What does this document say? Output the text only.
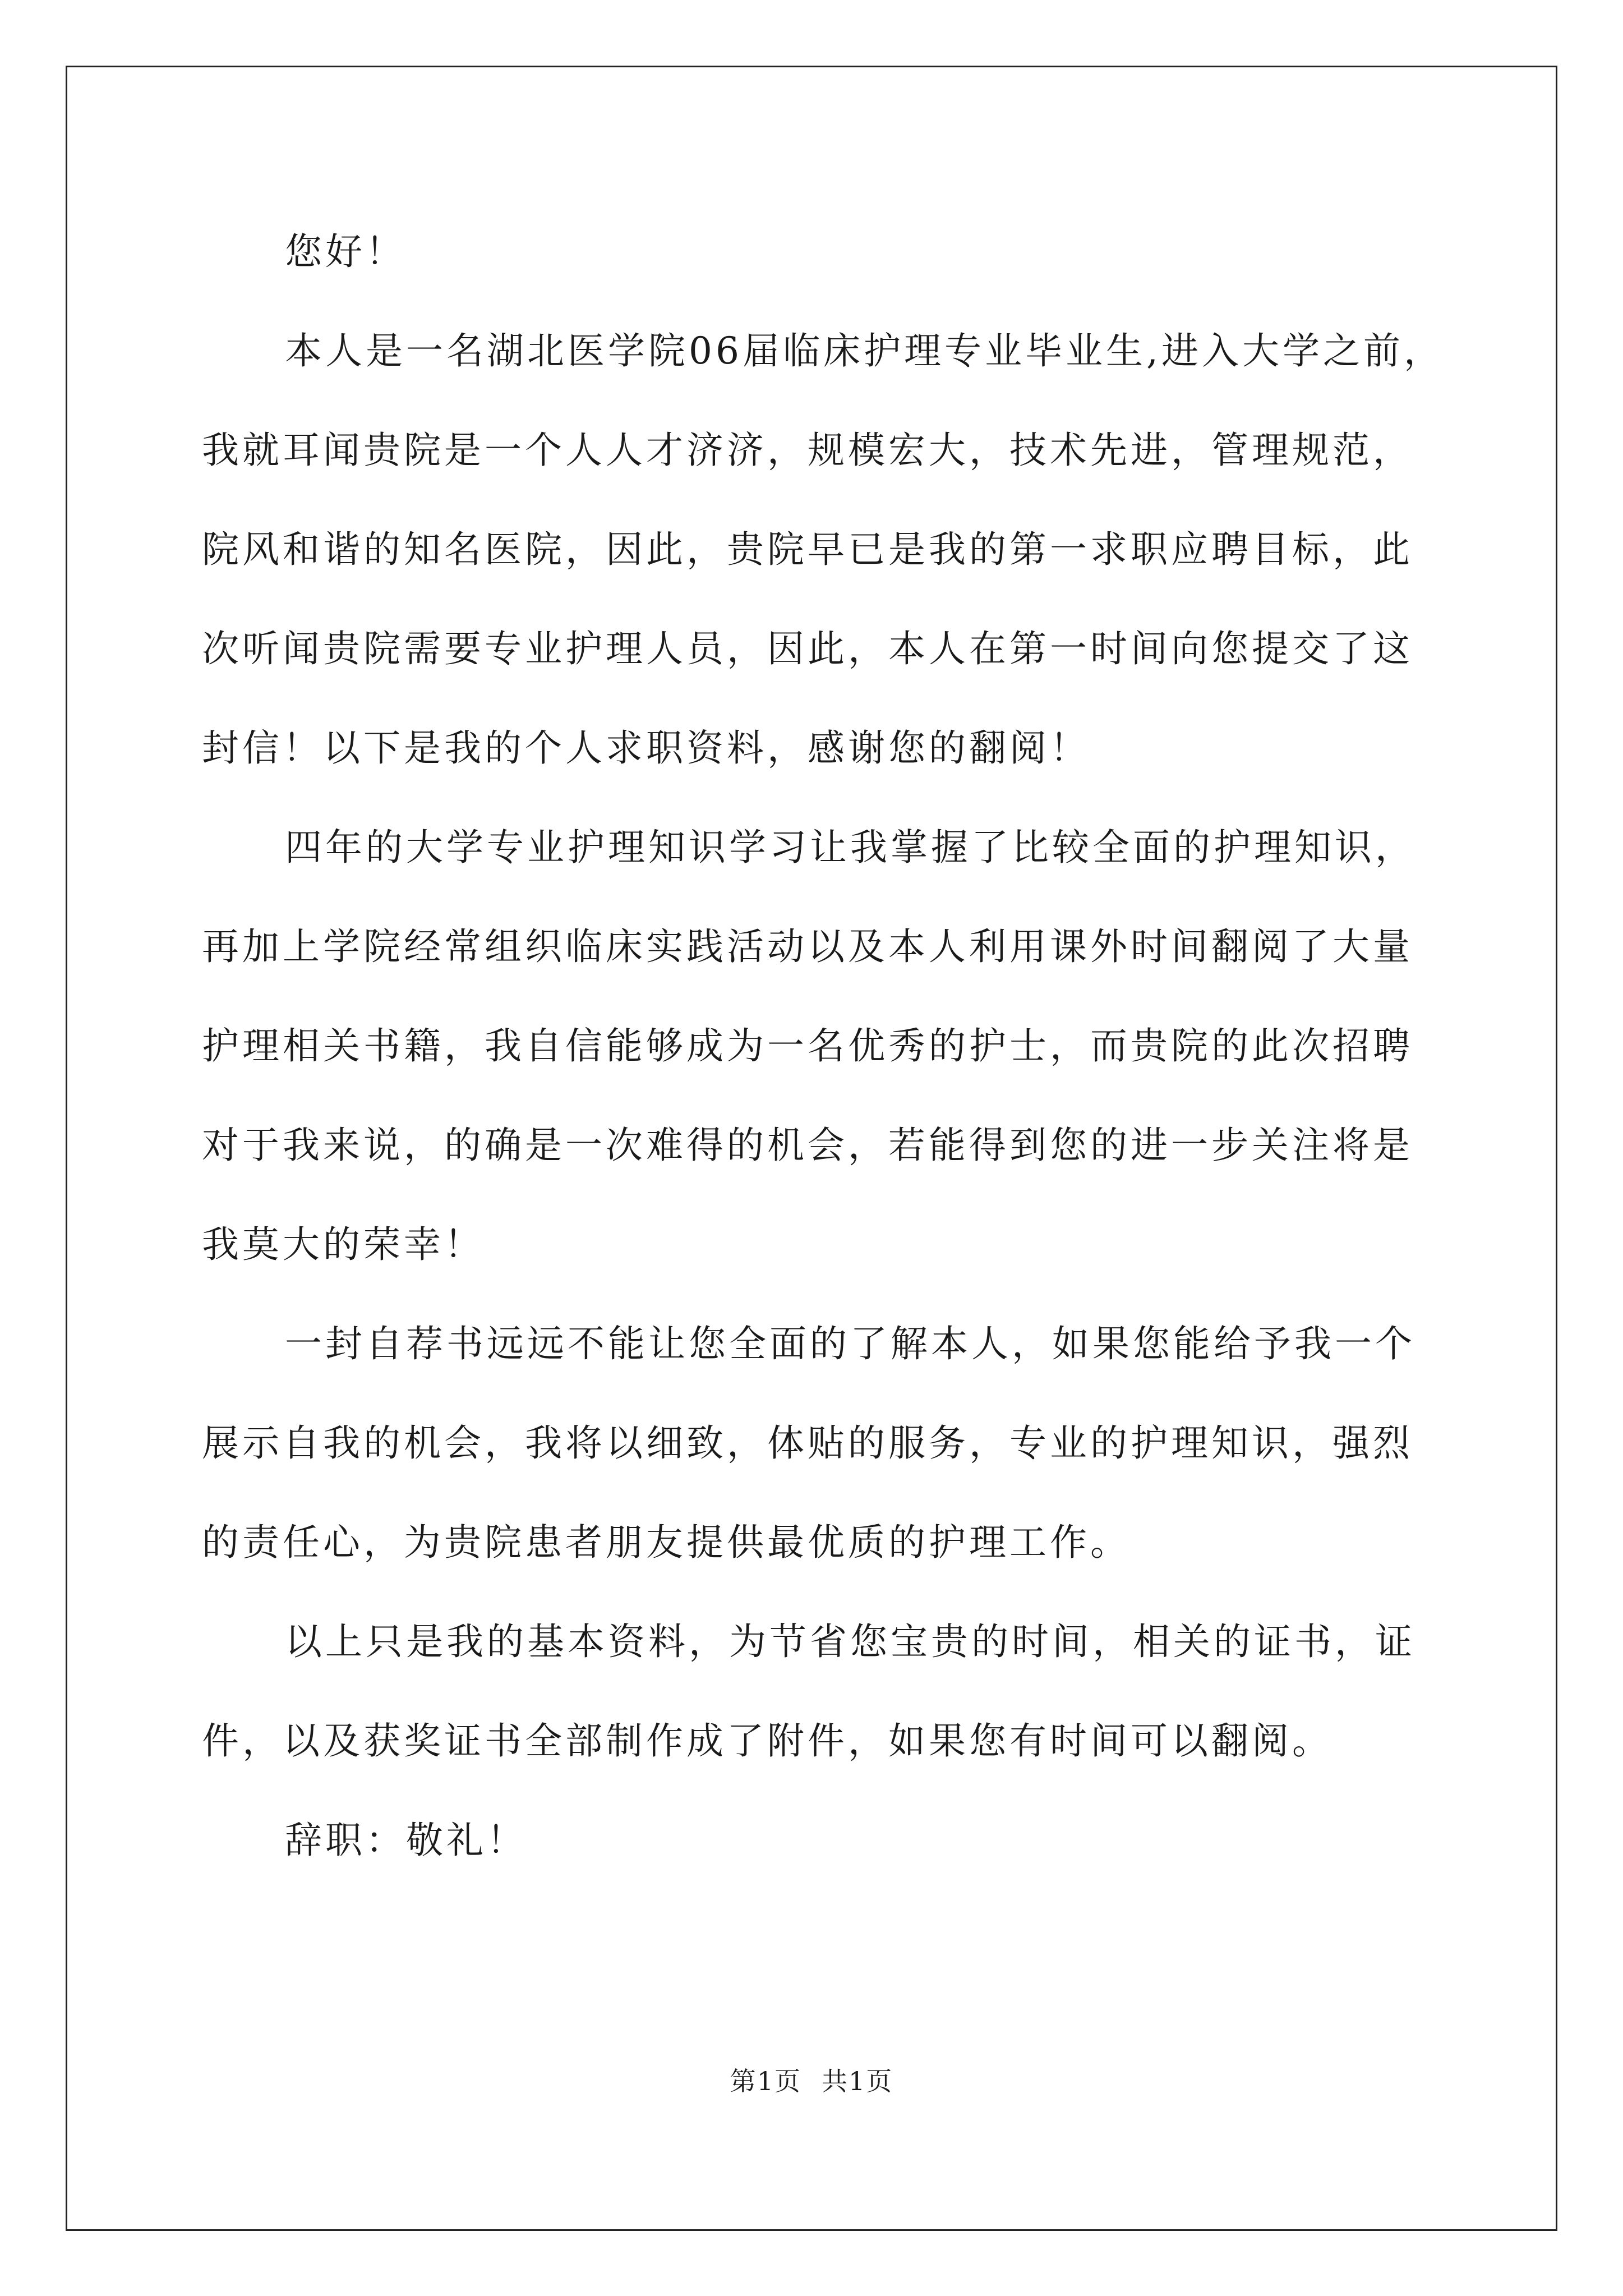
您好！
本人是一名湖北医学院06届临床护理专业毕业生,进入大学之前，
我就耳闻贵院是一个人人才济济，规模宏大，技术先进，管理规范，
院风和谐的知名医院，因此，贵院早已是我的第一求职应聘目标，此
次听闻贵院需要专业护理人员，因此，本人在第一时间向您提交了这
封信！以下是我的个人求职资料，感谢您的翻阅！
四年的大学专业护理知识学习让我掌握了比较全面的护理知识，
再加上学院经常组织临床实践活动以及本人利用课外时间翻阅了大量
护理相关书籍，我自信能够成为一名优秀的护士，而贵院的此次招聘
对于我来说，的确是一次难得的机会，若能得到您的进一步关注将是
我莫大的荣幸！
一封自荐书远远不能让您全面的了解本人，如果您能给予我一个
展示自我的机会，我将以细致，体贴的服务，专业的护理知识，强烈
的责任心，为贵院患者朋友提供最优质的护理工作。
以上只是我的基本资料，为节省您宝贵的时间，相关的证书，证
件，以及获奖证书全部制作成了附件，如果您有时间可以翻阅。
辞职：敬礼！
第1页 共1页
